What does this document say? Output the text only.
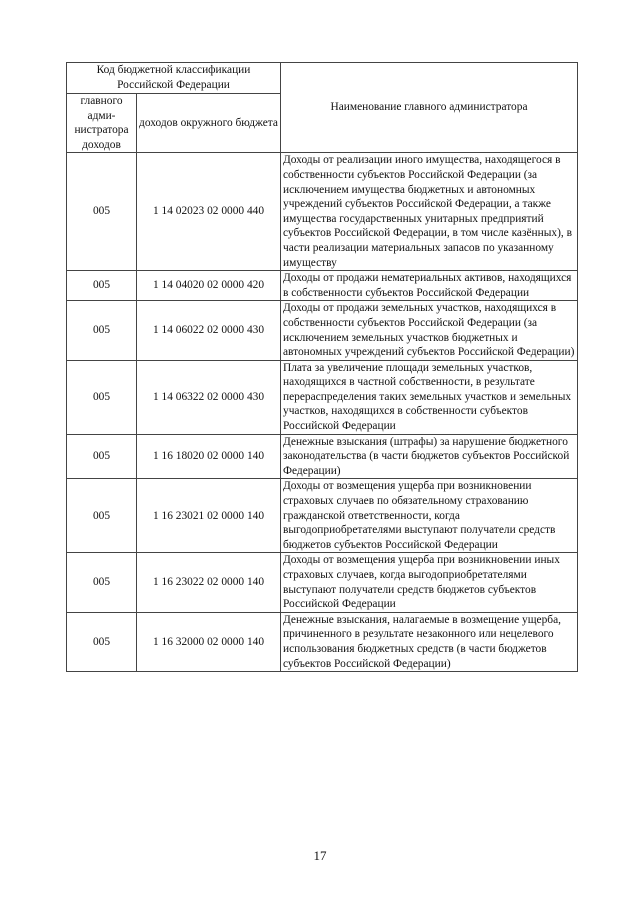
Код бюджетной классификации Российской Федерации		Наименование главного администратора
главного адми-нистратора доходов	доходов окружного бюджета	
005	1 14 02023 02 0000 440	Доходы от реализации иного имущества, находящегося в собственности субъектов Российской Федерации (за исключением имущества бюджетных и автономных учреждений субъектов Российской Федерации, а также имущества государственных унитарных предприятий субъектов Российской Федерации, в том числе казённых), в части реализации материальных запасов по указанному имуществу
005	1 14 04020 02 0000 420	Доходы от продажи нематериальных активов, находящихся в собственности субъектов Российской Федерации
005	1 14 06022 02 0000 430	Доходы от продажи земельных участков, находящихся в собственности субъектов Российской Федерации (за исключением земельных участков бюджетных и автономных учреждений субъектов Российской Федерации)
005	1 14 06322 02 0000 430	Плата за увеличение площади земельных участков, находящихся в частной собственности, в результате перераспределения таких земельных участков и земельных участков, находящихся в собственности субъектов Российской Федерации
005	1 16 18020 02 0000 140	Денежные взыскания (штрафы) за нарушение бюджетного законодательства (в части бюджетов субъектов Российской Федерации)
005	1 16 23021 02 0000 140	Доходы от возмещения ущерба при возникновении страховых случаев по обязательному страхованию гражданской ответственности, когда выгодоприобретателями выступают получатели средств бюджетов субъектов Российской Федерации
005	1 16 23022 02 0000 140	Доходы от возмещения ущерба при возникновении иных страховых случаев, когда выгодоприобретателями выступают получатели средств бюджетов субъектов Российской Федерации
005	1 16 32000 02 0000 140	Денежные взыскания, налагаемые в возмещение ущерба, причиненного в результате незаконного или нецелевого использования бюджетных средств (в части бюджетов субъектов Российской Федерации)
17
